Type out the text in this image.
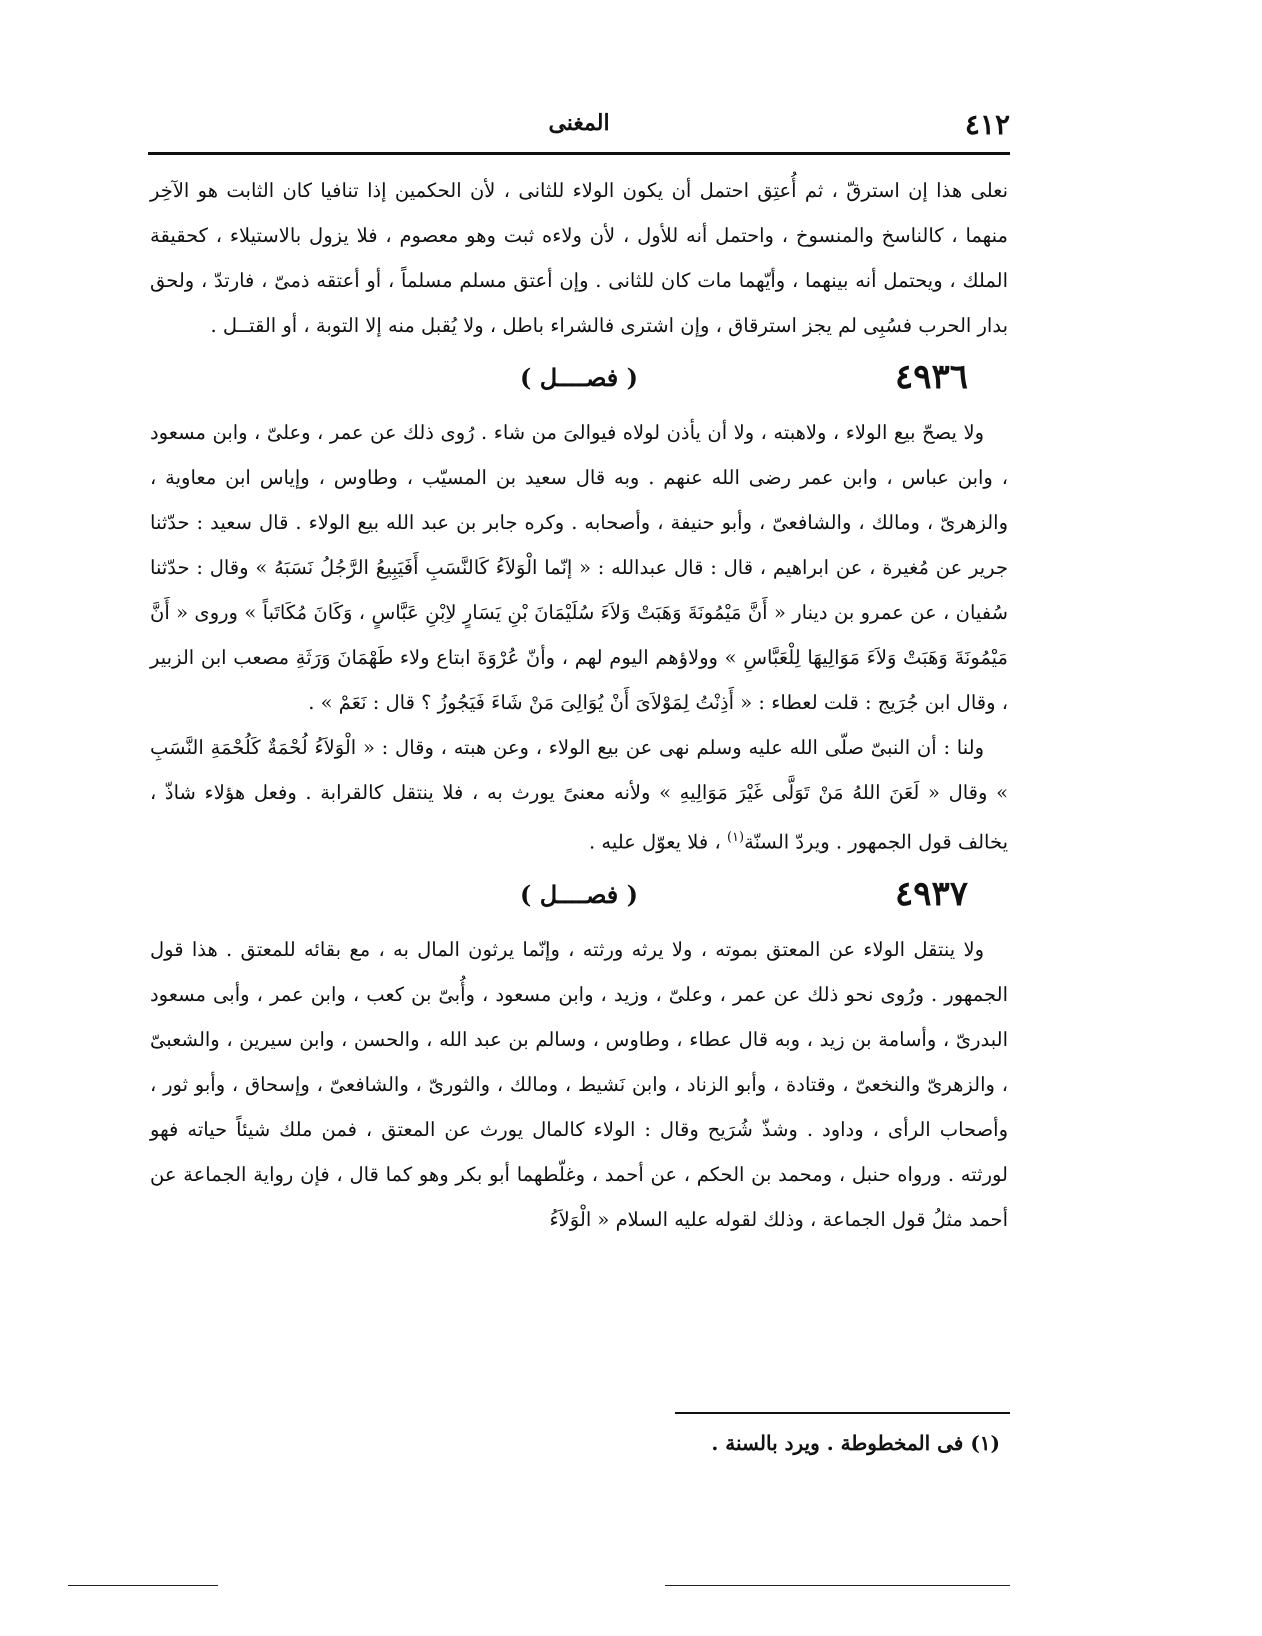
٤١٢
المغنى

نعلى هذا إن استرقّ ، ثم أُعتِق احتمل أن يكون الولاء للثانى ، لأن الحكمين إذا تنافيا كان الثابت هو الآخِر منهما ، كالناسخ والمنسوخ ، واحتمل أنه للأول ، لأن ولاءه ثبت وهو معصوم ، فلا يزول بالاستيلاء ، كحقيقة الملك ، ويحتمل أنه بينهما ، وأيّهما مات كان للثانى . وإن أعتق مسلم مسلماً ، أو أعتقه ذمىّ ، فارتدّ ، ولحق بدار الحرب فسُبِى لم يجز استرقاق ، وإن اشترى فالشراء باطل ، ولا يُقبل منه إلا التوبة ، أو القتــل .

٤٩٣٦
( فصــــل )

ولا يصحّ بيع الولاء ، ولاهبته ، ولا أن يأذن لولاه فيوالىَ من شاء . رُوى ذلك عن عمر ، وعلىّ ، وابن مسعود ، وابن عباس ، وابن عمر رضى الله عنهم . وبه قال سعيد بن المسيّب ، وطاوس ، وإياس ابن معاوية ، والزهرىّ ، ومالك ، والشافعىّ ، وأبو حنيفة ، وأصحابه . وكره جابر بن عبد الله بيع الولاء . قال سعيد : حدّثنا جرير عن مُغيرة ، عن ابراهيم ، قال : قال عبدالله : « إنّما الْوَلاَءُ كَالنَّسَبِ أَفَيَبِيعُ الرَّجُلُ نَسَبَهُ » وقال : حدّثنا سُفيان ، عن عمرو بن دينار « أَنَّ مَيْمُونَةَ وَهَبَتْ وَلاَءَ سُلَيْمَانَ بْنِ يَسَارٍ لاِبْنِ عَبَّاسٍ ، وَكَانَ مُكَاتَباً » وروى « أَنَّ مَيْمُونَةَ وَهَبَتْ وَلاَءَ مَوَالِيهَا لِلْعَبَّاسِ » وولاؤهم اليوم لهم ، وأنّ عُرْوَةَ ابتاع ولاء طَهْمَانَ وَرَثَةِ مصعب ابن الزبير ، وقال ابن جُرَيج : قلت لعطاء : « أَذِنْتُ لِمَوْلاَىَ أَنْ يُوَالِىَ مَنْ شَاءَ فَيَجُوزُ ؟ قال : نَعَمْ » .

ولنا : أن النبىّ صلّى الله عليه وسلم نهى عن بيع الولاء ، وعن هبته ، وقال : « الْوَلاَءُ لُحْمَةٌ كَلُحْمَةِ النَّسَبِ » وقال « لَعَنَ اللهُ مَنْ تَوَلَّى غَيْرَ مَوَالِيهِ » ولأنه معنىً يورث به ، فلا ينتقل كالقرابة . وفعل هؤلاء شاذّ ، يخالف قول الجمهور . ويردّ السنّة$^{(١)}$ ، فلا يعوّل عليه .

٤٩٣٧
( فصــــل )

ولا ينتقل الولاء عن المعتق بموته ، ولا يرثه ورثته ، وإنّما يرثون المال به ، مع بقائه للمعتق . هذا قول الجمهور . ورُوى نحو ذلك عن عمر ، وعلىّ ، وزيد ، وابن مسعود ، وأُبىّ بن كعب ، وابن عمر ، وأبى مسعود البدرىّ ، وأسامة بن زيد ، وبه قال عطاء ، وطاوس ، وسالم بن عبد الله ، والحسن ، وابن سيرين ، والشعبىّ ، والزهرىّ والنخعىّ ، وقتادة ، وأبو الزناد ، وابن نَشيط ، ومالك ، والثورىّ ، والشافعىّ ، وإسحاق ، وأبو ثور ، وأصحاب الرأى ، وداود . وشذّ شُرَيح وقال : الولاء كالمال يورث عن المعتق ، فمن ملك شيئاً حياته فهو لورثته . ورواه حنبل ، ومحمد بن الحكم ، عن أحمد ، وغلّطهما أبو بكر وهو كما قال ، فإن رواية الجماعة عن أحمد مثلُ قول الجماعة ، وذلك لقوله عليه السلام « الْوَلاَءُ

(١) فى المخطوطة . ويرد بالسنة .
